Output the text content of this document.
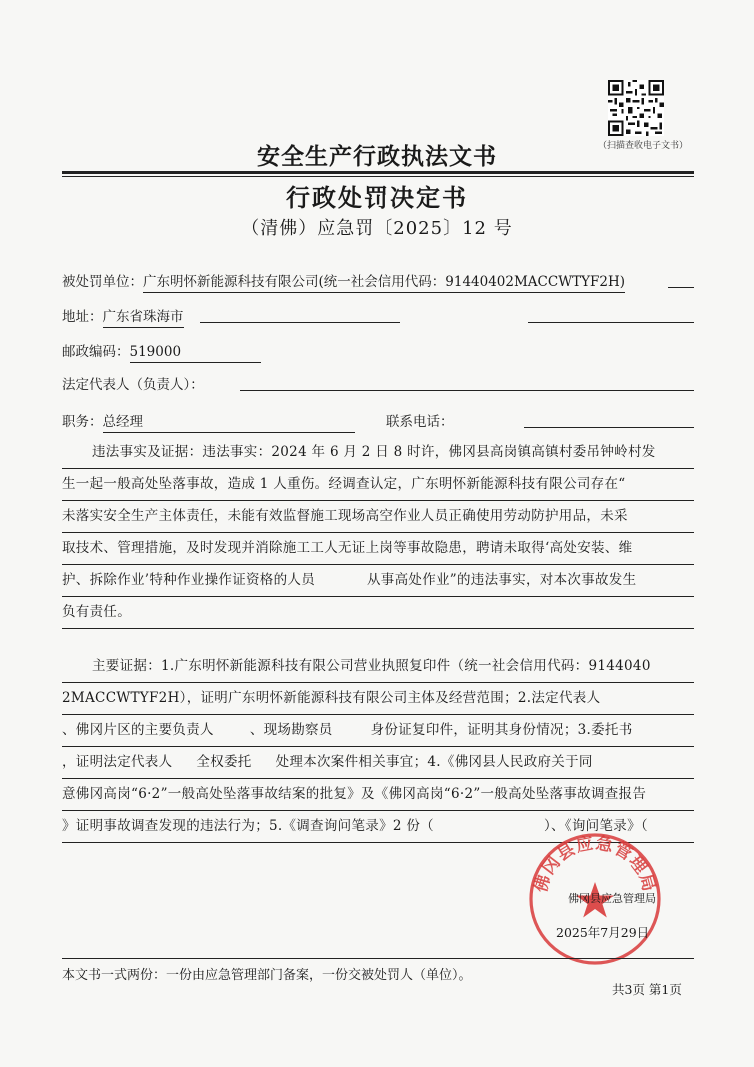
（扫描查收电子文书）
安全生产行政执法文书
行政处罚决定书
（清佛）应急罚〔2025〕12 号
被处罚单位：广东明怀新能源科技有限公司(统一社会信用代码：91440402MACCWTYF2H)
地址：广东省珠海市
邮政编码：519000
法定代表人（负责人）：
职务：总经理	联系电话：
违法事实及证据：违法事实：2024 年 6 月 2 日 8 时许，佛冈县高岗镇高镇村委吊钟岭村发
生一起一般高处坠落事故，造成 1 人重伤。经调查认定，广东明怀新能源科技有限公司存在“
未落实安全生产主体责任，未能有效监督施工现场高空作业人员正确使用劳动防护用品，未采
取技术、管理措施，及时发现并消除施工工人无证上岗等事故隐患，聘请未取得‘高处安装、维
护、拆除作业’特种作业操作证资格的人员	从事高处作业”的违法事实，对本次事故发生
负有责任。
主要证据：1.广东明怀新能源科技有限公司营业执照复印件（统一社会信用代码：9144040
2MACCWTYF2H），证明广东明怀新能源科技有限公司主体及经营范围；2.法定代表人
、佛冈片区的主要负责人	、现场勘察员	身份证复印件，证明其身份情况；3.委托书
，证明法定代表人 全权委托 处理本次案件相关事宜；4.《佛冈县人民政府关于同
意佛冈高岗“6·2”一般高处坠落事故结案的批复》及《佛冈高岗“6·2”一般高处坠落事故调查报告
》证明事故调查发现的违法行为；5.《调查询问笔录》2 份（	）、《询问笔录》（
佛冈县应急管理局
佛冈县应急管理局
2025年7月29日
本文书一式两份：一份由应急管理部门备案，一份交被处罚人（单位）。
共3页 第1页
